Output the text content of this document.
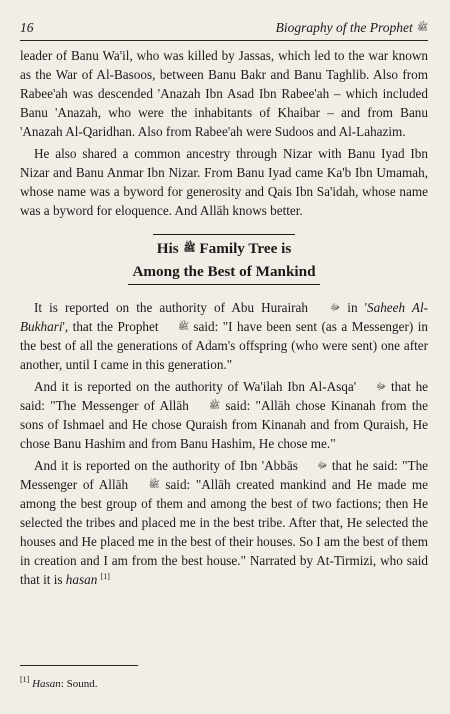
16	Biography of the Prophet ﷺ

leader of Banu Wa'il, who was killed by Jassas, which led to the war known as the War of Al-Basoos, between Banu Bakr and Banu Taghlib. Also from Rabee'ah was descended 'Anazah Ibn Asad Ibn Rabee'ah – which included Banu 'Anazah, who were the inhabitants of Khaibar – and from Banu 'Anazah Al-Qaridhan. Also from Rabee'ah were Sudoos and Al-Lahazim.

He also shared a common ancestry through Nizar with Banu Iyad Ibn Nizar and Banu Anmar Ibn Nizar. From Banu Iyad came Ka'b Ibn Umamah, whose name was a byword for generosity and Qais Ibn Sa'idah, whose name was a byword for eloquence. And Allāh knows better.

His ﷺ Family Tree is
Among the Best of Mankind

It is reported on the authority of Abu Hurairah ﷻ in 'Saheeh Al-Bukhari', that the Prophet ﷺ said: "I have been sent (as a Messenger) in the best of all the generations of Adam's offspring (who were sent) one after another, until I came in this generation."

And it is reported on the authority of Wa'ilah Ibn Al-Asqa' ﷻ that he said: "The Messenger of Allāh ﷺ said: "Allāh chose Kinanah from the sons of Ishmael and He chose Quraish from Kinanah and from Quraish, He chose Banu Hashim and from Banu Hashim, He chose me."

And it is reported on the authority of Ibn 'Abbās ﷻ that he said: "The Messenger of Allāh ﷺ said: "Allāh created mankind and He made me among the best group of them and among the best of two factions; then He selected the tribes and placed me in the best tribe. After that, He selected the houses and He placed me in the best of their houses. So I am the best of them in creation and I am from the best house." Narrated by At-Tirmizi, who said that it is hasan [1]

[1] Hasan: Sound.
